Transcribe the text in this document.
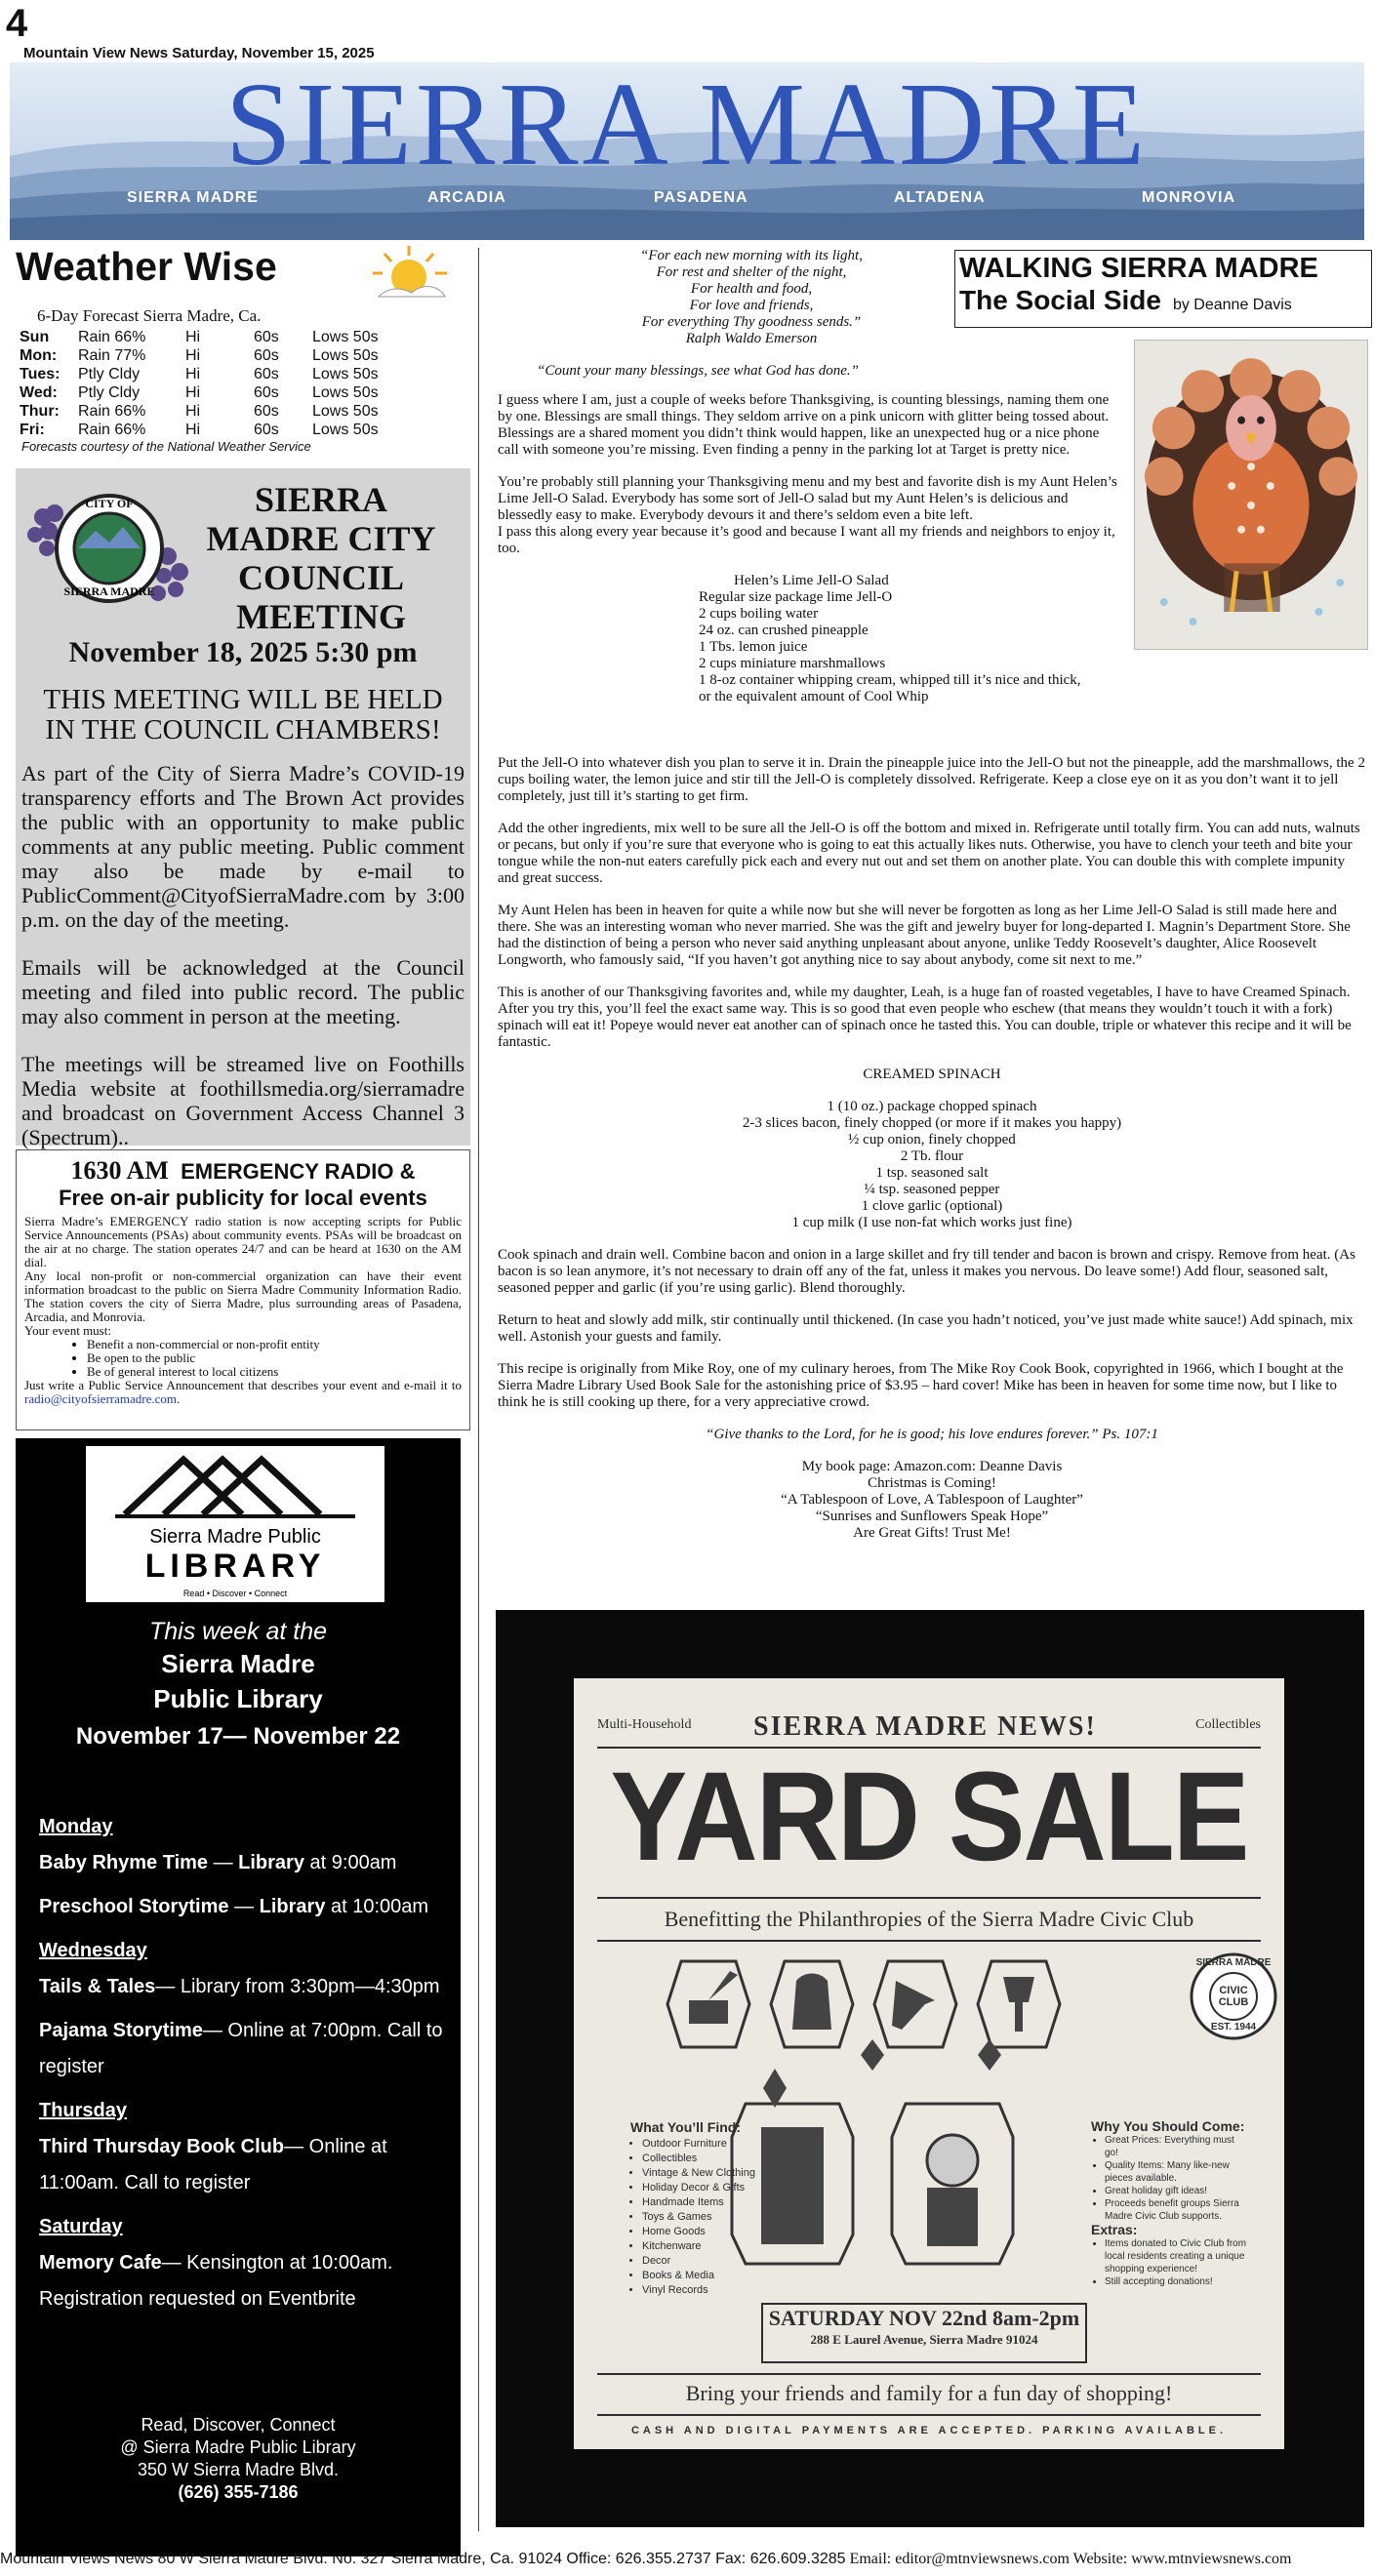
4
Mountain View News Saturday, November 15, 2025
SIERRA MADRE
SIERRA MADRE	ARCADIA	PASADENA	ALTADENA	MONROVIA
Weather Wise
6-Day Forecast Sierra Madre, Ca.
Sun	Rain 66%	Hi	60s	Lows 50s
Mon:	Rain 77%	Hi	60s	Lows 50s
Tues:	Ptly Cldy	Hi	60s	Lows 50s
Wed:	Ptly Cldy	Hi	60s	Lows 50s
Thur:	Rain 66%	Hi	60s	Lows 50s
Fri:	Rain 66%	Hi	60s	Lows 50s
Forecasts courtesy of the National Weather Service
CITY OF
SIERRA MADRE
SIERRA
MADRE CITY
COUNCIL
MEETING
November 18, 2025 5:30 pm
THIS MEETING WILL BE HELD IN THE COUNCIL CHAMBERS!

As part of the City of Sierra Madre’s COVID-19 transparency efforts and The Brown Act provides the public with an opportunity to make public comments at any public meeting. Public comment may also be made by e-mail to PublicComment@CityofSierraMadre.com by 3:00 p.m. on the day of the meeting.

Emails will be acknowledged at the Council meeting and filed into public record. The public may also comment in person at the meeting.

The meetings will be streamed live on Foothills Media website at foothillsmedia.org/sierramadre and broadcast on Government Access Channel 3 (Spectrum)..

1630 AM EMERGENCY RADIO &
Free on-air publicity for local events
Sierra Madre’s EMERGENCY radio station is now accepting scripts for Public Service Announcements (PSAs) about community events. PSAs will be broadcast on the air at no charge. The station operates 24/7 and can be heard at 1630 on the AM dial.
Any local non-profit or non-commercial organization can have their event information broadcast to the public on Sierra Madre Community Information Radio. The station covers the city of Sierra Madre, plus surrounding areas of Pasadena, Arcadia, and Monrovia.
Your event must:
• Benefit a non-commercial or non-profit entity
• Be open to the public
• Be of general interest to local citizens
Just write a Public Service Announcement that describes your event and e-mail it to radio@cityofsierramadre.com.
Sierra Madre Public
LIBRARY
Read • Discover • Connect
This week at the
Sierra Madre
Public Library
November 17— November 22
Monday
Baby Rhyme Time — Library at 9:00am
Preschool Storytime — Library at 10:00am
Wednesday
Tails & Tales— Library from 3:30pm—4:30pm
Pajama Storytime— Online at 7:00pm. Call to register
Thursday
Third Thursday Book Club— Online at 11:00am. Call to register
Saturday
Memory Cafe— Kensington at 10:00am. Registration requested on Eventbrite
Read, Discover, Connect
@ Sierra Madre Public Library
350 W Sierra Madre Blvd.
(626) 355-7186
“For each new morning with its light,
For rest and shelter of the night,
For health and food,
For love and friends,
For everything Thy goodness sends.”
Ralph Waldo Emerson
“Count your many blessings, see what God has done.”
WALKING SIERRA MADRE
The Social Side by Deanne Davis

I guess where I am, just a couple of weeks before Thanksgiving, is counting blessings, naming them one by one. Blessings are small things. They seldom arrive on a pink unicorn with glitter being tossed about. Blessings are a shared moment you didn’t think would happen, like an unexpected hug or a nice phone call with someone you’re missing. Even finding a penny in the parking lot at Target is pretty nice.

You’re probably still planning your Thanksgiving menu and my best and favorite dish is my Aunt Helen’s Lime Jell-O Salad. Everybody has some sort of Jell-O salad but my Aunt Helen’s is delicious and blessedly easy to make. Everybody devours it and there’s seldom even a bite left.

I pass this along every year because it’s good and because I want all my friends and neighbors to enjoy it, too.

Helen’s Lime Jell-O Salad
Regular size package lime Jell-O
2 cups boiling water
24 oz. can crushed pineapple
1 Tbs. lemon juice
2 cups miniature marshmallows
1 8-oz container whipping cream, whipped till it’s nice and thick,
or the equivalent amount of Cool Whip

Put the Jell-O into whatever dish you plan to serve it in. Drain the pineapple juice into the Jell-O but not the pineapple, add the marshmallows, the 2 cups boiling water, the lemon juice and stir till the Jell-O is completely dissolved. Refrigerate. Keep a close eye on it as you don’t want it to jell completely, just till it’s starting to get firm.

Add the other ingredients, mix well to be sure all the Jell-O is off the bottom and mixed in. Refrigerate until totally firm. You can add nuts, walnuts or pecans, but only if you’re sure that everyone who is going to eat this actually likes nuts. Otherwise, you have to clench your teeth and bite your tongue while the non-nut eaters carefully pick each and every nut out and set them on another plate. You can double this with complete impunity and great success.

My Aunt Helen has been in heaven for quite a while now but she will never be forgotten as long as her Lime Jell-O Salad is still made here and there. She was an interesting woman who never married. She was the gift and jewelry buyer for long-departed I. Magnin’s Department Store. She had the distinction of being a person who never said anything unpleasant about anyone, unlike Teddy Roosevelt’s daughter, Alice Roosevelt Longworth, who famously said, “If you haven’t got anything nice to say about anybody, come sit next to me.”

This is another of our Thanksgiving favorites and, while my daughter, Leah, is a huge fan of roasted vegetables, I have to have Creamed Spinach. After you try this, you’ll feel the exact same way. This is so good that even people who eschew (that means they wouldn’t touch it with a fork) spinach will eat it! Popeye would never eat another can of spinach once he tasted this. You can double, triple or whatever this recipe and it will be fantastic.

CREAMED SPINACH

1 (10 oz.) package chopped spinach
2-3 slices bacon, finely chopped (or more if it makes you happy)
½ cup onion, finely chopped
2 Tb. flour
1 tsp. seasoned salt
¼ tsp. seasoned pepper
1 clove garlic (optional)
1 cup milk (I use non-fat which works just fine)

Cook spinach and drain well. Combine bacon and onion in a large skillet and fry till tender and bacon is brown and crispy. Remove from heat. (As bacon is so lean anymore, it’s not necessary to drain off any of the fat, unless it makes you nervous. Do leave some!) Add flour, seasoned salt, seasoned pepper and garlic (if you’re using garlic). Blend thoroughly.

Return to heat and slowly add milk, stir continually until thickened. (In case you hadn’t noticed, you’ve just made white sauce!) Add spinach, mix well. Astonish your guests and family.

This recipe is originally from Mike Roy, one of my culinary heroes, from The Mike Roy Cook Book, copyrighted in 1966, which I bought at the Sierra Madre Library Used Book Sale for the astonishing price of $3.95 – hard cover! Mike has been in heaven for some time now, but I like to think he is still cooking up there, for a very appreciative crowd.

“Give thanks to the Lord, for he is good; his love endures forever.” Ps. 107:1

My book page: Amazon.com: Deanne Davis
Christmas is Coming!
“A Tablespoon of Love, A Tablespoon of Laughter”
“Sunrises and Sunflowers Speak Hope”
Are Great Gifts! Trust Me!
Multi-Household SIERRA MADRE NEWS!	Collectibles
YARD SALE
Benefitting the Philanthropies of the Sierra Madre Civic Club
What You’ll Find:
• Outdoor Furniture
• Collectibles
• Vintage & New Clothing
• Holiday Decor & Gifts
• Handmade Items
• Toys & Games
• Home Goods
• Kitchenware
• Decor
• Books & Media
• Vinyl Records
Why You Should Come:
• Great Prices: Everything must go!
• Quality Items: Many like-new pieces available.
• Great holiday gift ideas!
• Proceeds benefit groups Sierra Madre Civic Club supports.
Extras:
• Items donated to Civic Club from local residents creating a unique shopping experience!
• Still accepting donations!
SATURDAY NOV 22nd 8am-2pm
288 E Laurel Avenue, Sierra Madre 91024
Bring your friends and family for a fun day of shopping!
CASH AND DIGITAL PAYMENTS ARE ACCEPTED. PARKING AVAILABLE.
SIERRA MADRE
CIVIC
CLUB
EST. 1944
Mountain Views News 80 W Sierra Madre Blvd. No. 327 Sierra Madre, Ca. 91024 Office: 626.355.2737 Fax: 626.609.3285 Email: editor@mtnviewsnews.com Website: www.mtnviewsnews.com
